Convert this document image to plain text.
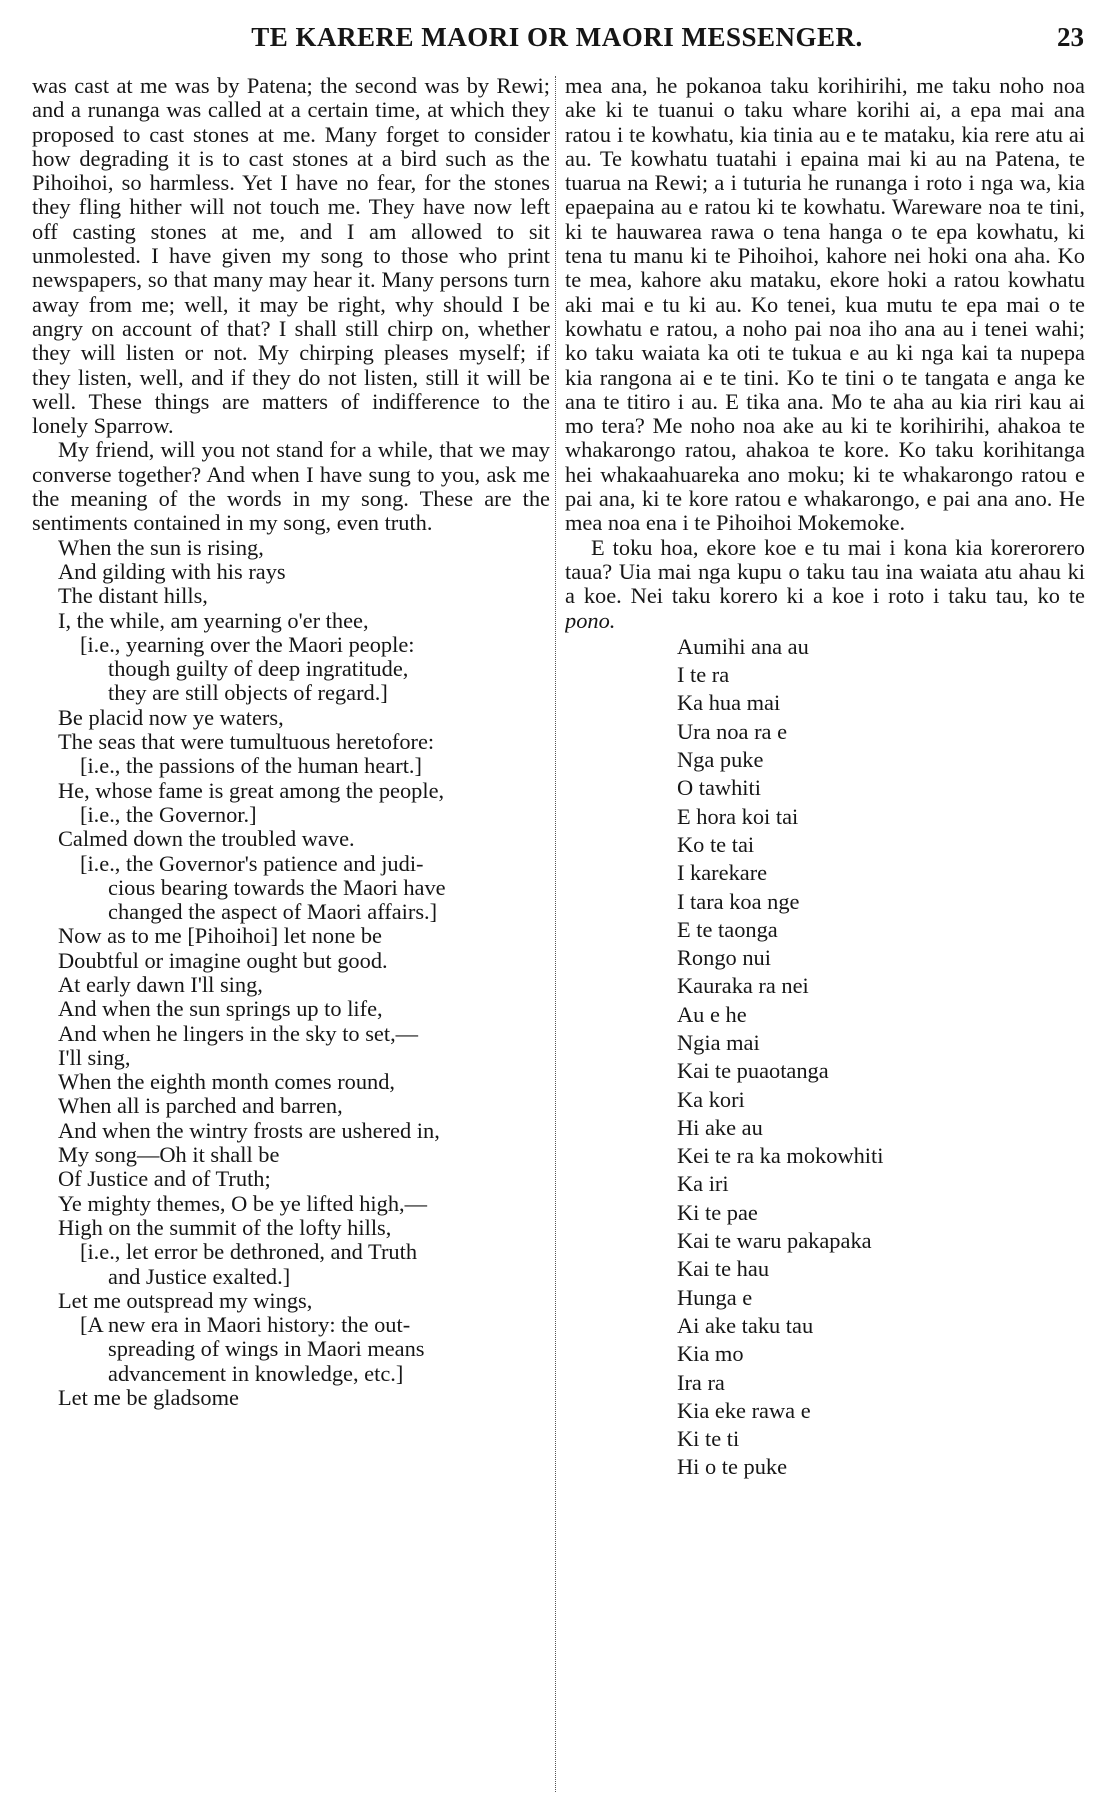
TE KARERE MAORI OR MAORI MESSENGER.	23

was cast at me was by Patena; the second was by Rewi; and a runanga was called at a certain time, at which they proposed to cast stones at me. Many forget to consider how degrading it is to cast stones at a bird such as the Pihoihoi, so harmless. Yet I have no fear, for the stones they fling hither will not touch me. They have now left off casting stones at me, and I am allowed to sit unmolested. I have given my song to those who print newspapers, so that many may hear it. Many persons turn away from me; well, it may be right, why should I be angry on account of that? I shall still chirp on, whether they will listen or not. My chirping pleases myself; if they listen, well, and if they do not listen, still it will be well. These things are matters of indifference to the lonely Sparrow.

My friend, will you not stand for a while, that we may converse together? And when I have sung to you, ask me the meaning of the words in my song. These are the sentiments contained in my song, even truth.

When the sun is rising,
And gilding with his rays
The distant hills,
I, the while, am yearning o'er thee,
[i.e., yearning over the Maori people:
though guilty of deep ingratitude,
they are still objects of regard.]
Be placid now ye waters,
The seas that were tumultuous heretofore:
[i.e., the passions of the human heart.]
He, whose fame is great among the people,
[i.e., the Governor.]
Calmed down the troubled wave.
[i.e., the Governor's patience and judi-
cious bearing towards the Maori have
changed the aspect of Maori affairs.]
Now as to me [Pihoihoi] let none be
Doubtful or imagine ought but good.
At early dawn I'll sing,
And when the sun springs up to life,
And when he lingers in the sky to set,—
I'll sing,
When the eighth month comes round,
When all is parched and barren,
And when the wintry frosts are ushered in,
My song—Oh it shall be
Of Justice and of Truth;
Ye mighty themes, O be ye lifted high,—
High on the summit of the lofty hills,
[i.e., let error be dethroned, and Truth
and Justice exalted.]
Let me outspread my wings,
[A new era in Maori history: the out-
spreading of wings in Maori means
advancement in knowledge, etc.]
Let me be gladsome

mea ana, he pokanoa taku korihirihi, me taku noho noa ake ki te tuanui o taku whare korihi ai, a epa mai ana ratou i te kowhatu, kia tinia au e te mataku, kia rere atu ai au. Te kowhatu tuatahi i epaina mai ki au na Patena, te tuarua na Rewi; a i tuturia he runanga i roto i nga wa, kia epaepaina au e ratou ki te kowhatu. Wareware noa te tini, ki te hauwarea rawa o tena hanga o te epa kowhatu, ki tena tu manu ki te Pihoihoi, kahore nei hoki ona aha. Ko te mea, kahore aku mataku, ekore hoki a ratou kowhatu aki mai e tu ki au. Ko tenei, kua mutu te epa mai o te kowhatu e ratou, a noho pai noa iho ana au i tenei wahi; ko taku waiata ka oti te tukua e au ki nga kai ta nupepa kia rangona ai e te tini. Ko te tini o te tangata e anga ke ana te titiro i au. E tika ana. Mo te aha au kia riri kau ai mo tera? Me noho noa ake au ki te korihirihi, ahakoa te whakarongo ratou, ahakoa te kore. Ko taku korihitanga hei whakaahuareka ano moku; ki te whakarongo ratou e pai ana, ki te kore ratou e whakarongo, e pai ana ano. He mea noa ena i te Pihoihoi Mokemoke.

E toku hoa, ekore koe e tu mai i kona kia korerorero taua? Uia mai nga kupu o taku tau ina waiata atu ahau ki a koe. Nei taku korero ki a koe i roto i taku tau, ko te pono.

Aumihi ana au
I te ra
Ka hua mai
Ura noa ra e
Nga puke
O tawhiti
E hora koi tai
Ko te tai
I karekare
I tara koa nge
E te taonga
Rongo nui
Kauraka ra nei
Au e he
Ngia mai
Kai te puaotanga
Ka kori
Hi ake au
Kei te ra ka mokowhiti
Ka iri
Ki te pae
Kai te waru pakapaka
Kai te hau
Hunga e
Ai ake taku tau
Kia mo
Ira ra
Kia eke rawa e
Ki te ti
Hi o te puke
